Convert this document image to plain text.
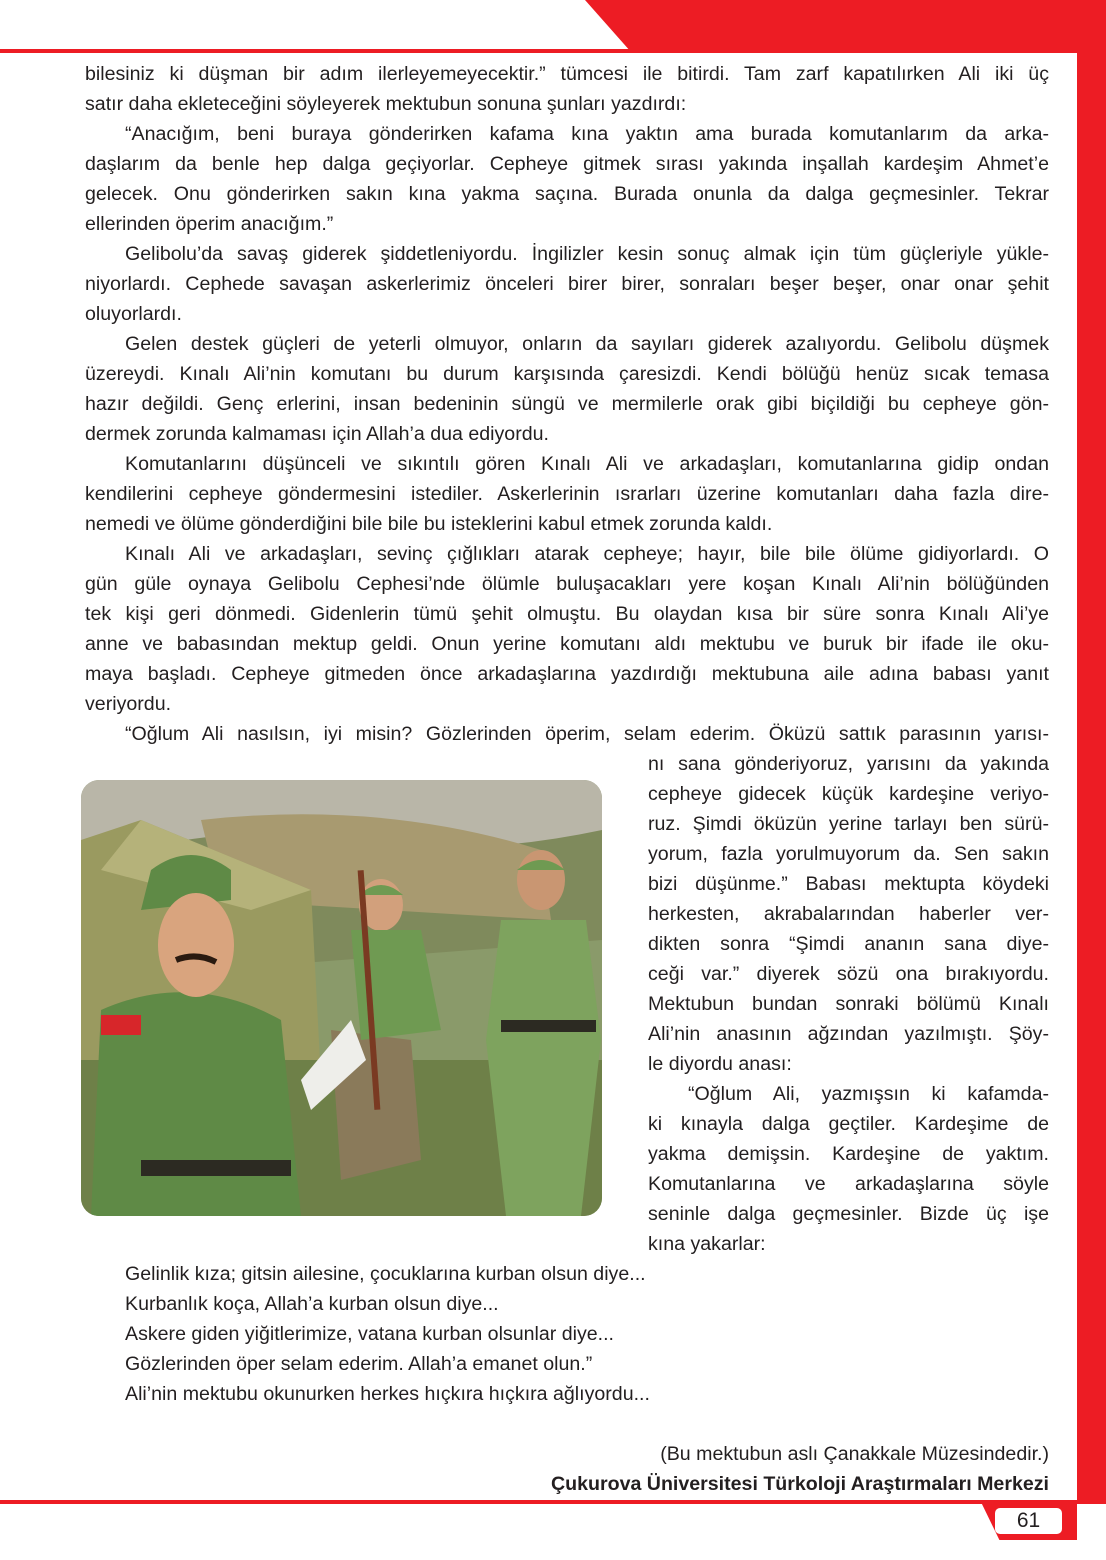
61
bilesiniz ki düşman bir adım ilerleyemeyecektir.” tümcesi ile bitirdi. Tam zarf kapatılırken Ali iki üç
satır daha ekleteceğini söyleyerek mektubun sonuna şunları yazdırdı:
“Anacığım, beni buraya gönderirken kafama kına yaktın ama burada komutanlarım da arka-
daşlarım da benle hep dalga geçiyorlar. Cepheye gitmek sırası yakında inşallah kardeşim Ahmet’e
gelecek. Onu gönderirken sakın kına yakma saçına. Burada onunla da dalga geçmesinler. Tekrar
ellerinden öperim anacığım.”
Gelibolu’da savaş giderek şiddetleniyordu. İngilizler kesin sonuç almak için tüm güçleriyle yükle-
niyorlardı. Cephede savaşan askerlerimiz önceleri birer birer, sonraları beşer beşer, onar onar şehit
oluyorlardı.
Gelen destek güçleri de yeterli olmuyor, onların da sayıları giderek azalıyordu. Gelibolu düşmek
üzereydi. Kınalı Ali’nin komutanı bu durum karşısında çaresizdi. Kendi bölüğü henüz sıcak temasa
hazır değildi. Genç erlerini, insan bedeninin süngü ve mermilerle orak gibi biçildiği bu cepheye gön-
dermek zorunda kalmaması için Allah’a dua ediyordu.
Komutanlarını düşünceli ve sıkıntılı gören Kınalı Ali ve arkadaşları, komutanlarına gidip ondan
kendilerini cepheye göndermesini istediler. Askerlerinin ısrarları üzerine komutanları daha fazla dire-
nemedi ve ölüme gönderdiğini bile bile bu isteklerini kabul etmek zorunda kaldı.
Kınalı Ali ve arkadaşları, sevinç çığlıkları atarak cepheye; hayır, bile bile ölüme gidiyorlardı. O
gün güle oynaya Gelibolu Cephesi’nde ölümle buluşacakları yere koşan Kınalı Ali’nin bölüğünden
tek kişi geri dönmedi. Gidenlerin tümü şehit olmuştu. Bu olaydan kısa bir süre sonra Kınalı Ali’ye
anne ve babasından mektup geldi. Onun yerine komutanı aldı mektubu ve buruk bir ifade ile oku-
maya başladı. Cepheye gitmeden önce arkadaşlarına yazdırdığı mektubuna aile adına babası yanıt
veriyordu.
“Oğlum Ali nasılsın, iyi misin? Gözlerinden öperim, selam ederim. Öküzü sattık parasının yarısı-
nı sana gönderiyoruz, yarısını da yakında
cepheye gidecek küçük kardeşine veriyo-
ruz. Şimdi öküzün yerine tarlayı ben sürü-
yorum, fazla yorulmuyorum da. Sen sakın
bizi düşünme.” Babası mektupta köydeki
herkesten, akrabalarından haberler ver-
dikten sonra “Şimdi ananın sana diye-
ceği var.” diyerek sözü ona bırakıyordu.
Mektubun bundan sonraki bölümü Kınalı
Ali’nin anasının ağzından yazılmıştı. Şöy-
le diyordu anası:
“Oğlum Ali, yazmışsın ki kafamda-
ki kınayla dalga geçtiler. Kardeşime de
yakma demişsin. Kardeşine de yaktım.
Komutanlarına ve arkadaşlarına söyle
seninle dalga geçmesinler. Bizde üç işe
kına yakarlar:
Gelinlik kıza; gitsin ailesine, çocuklarına kurban olsun diye...
Kurbanlık koça, Allah’a kurban olsun diye...
Askere giden yiğitlerimize, vatana kurban olsunlar diye...
Gözlerinden öper selam ederim. Allah’a emanet olun.”
Ali’nin mektubu okunurken herkes hıçkıra hıçkıra ağlıyordu...
(Bu mektubun aslı Çanakkale Müzesindedir.)
Çukurova Üniversitesi Türkoloji Araştırmaları Merkezi
